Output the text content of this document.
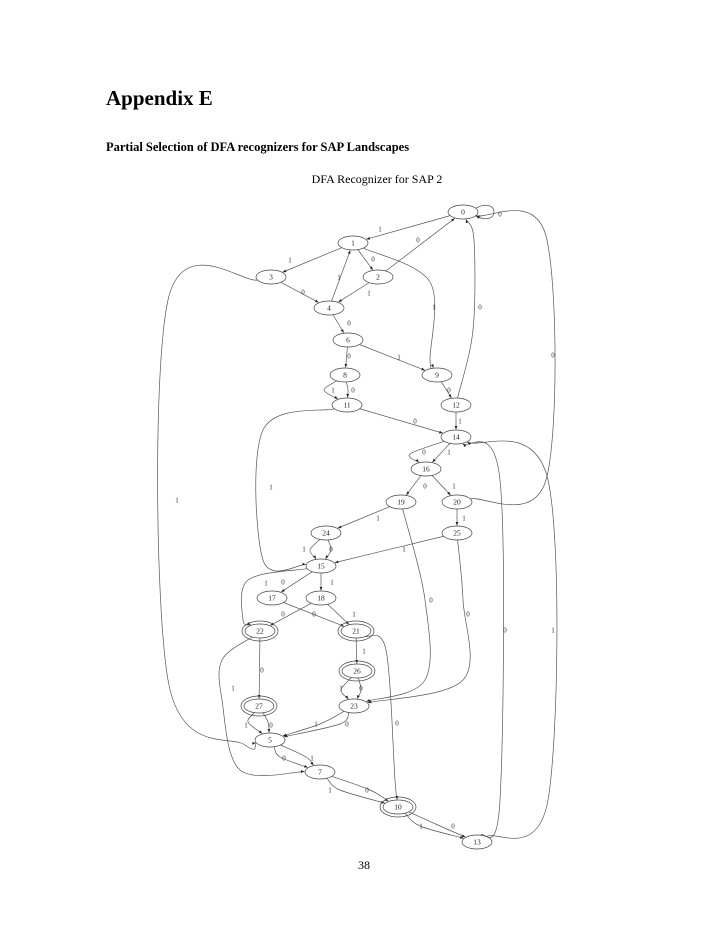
Appendix E
Partial Selection of DFA recognizers for SAP Landscapes

DFA Recognizer for SAP 2

0
1
0
1	0
1
0
1
1
0
0
0
0	1
1 0	0
0	1
0	1
0	1
1
1
1
1	0	1
0	1
0	0	1
1
1
1 0
0
0
0
1
1	0	1	0
1
0	1
0
1	0
1	0
0	1
0
1
3	2
4
6
8	9
11	12
14
16
19	20
24	25
15
17	18
22	21
26
27	23
5
7
10
13
38
